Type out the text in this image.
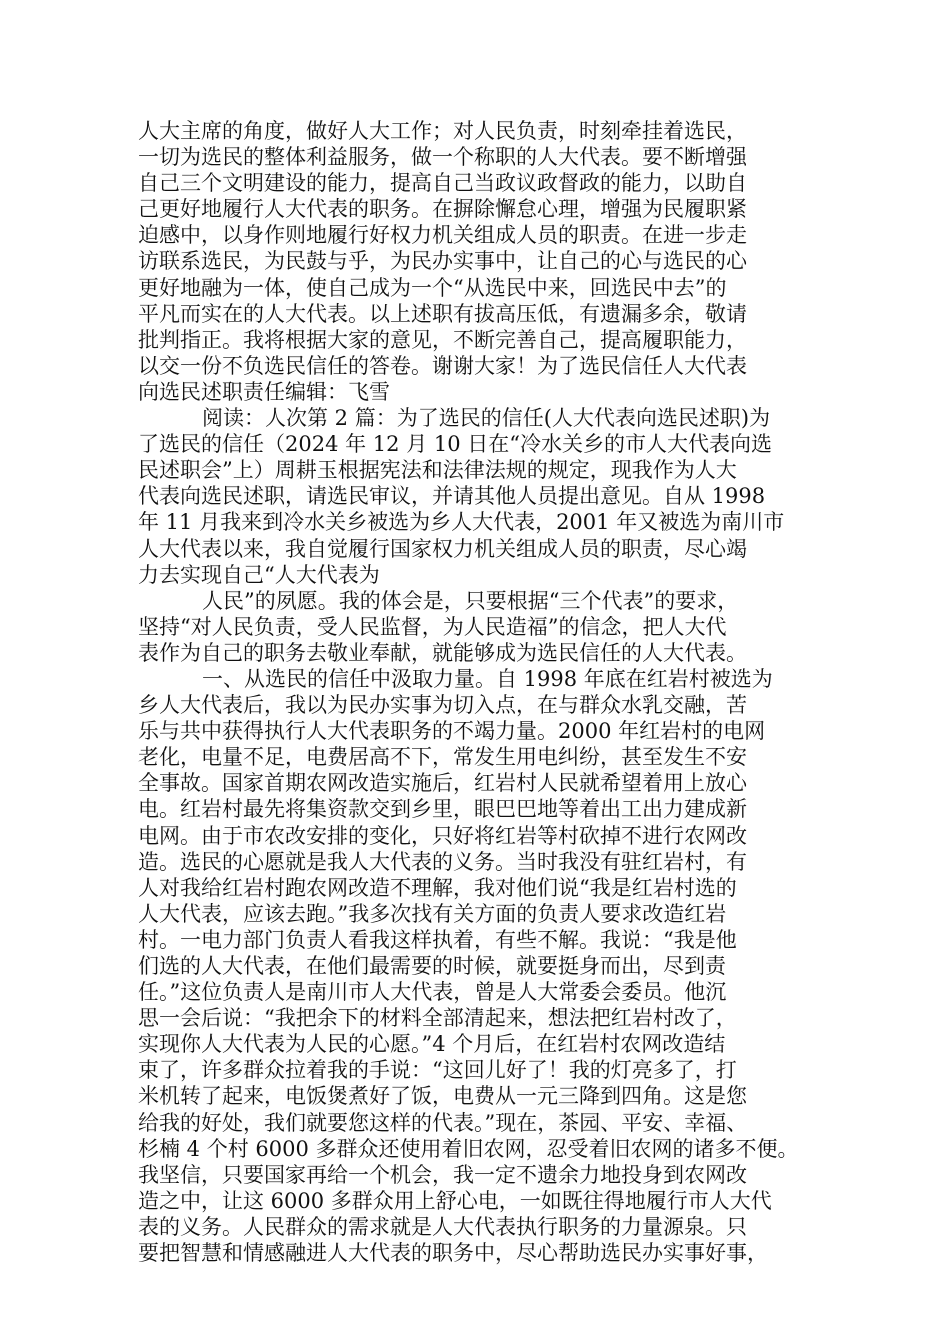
人大主席的角度，做好人大工作；对人民负责，时刻牵挂着选民，
一切为选民的整体利益服务，做一个称职的人大代表。要不断增强
自己三个文明建设的能力，提高自己当政议政督政的能力，以助自
己更好地履行人大代表的职务。在摒除懈怠心理，增强为民履职紧
迫感中，以身作则地履行好权力机关组成人员的职责。在进一步走
访联系选民，为民鼓与乎，为民办实事中，让自己的心与选民的心
更好地融为一体，使自己成为一个“从选民中来，回选民中去”的
平凡而实在的人大代表。以上述职有拔高压低，有遗漏多余，敬请
批判指正。我将根据大家的意见，不断完善自己，提高履职能力，
以交一份不负选民信任的答卷。谢谢大家！为了选民信任人大代表
向选民述职责任编辑：飞雪
阅读：人次第 2 篇：为了选民的信任(人大代表向选民述职)为
了选民的信任（2024 年 12 月 10 日在“冷水关乡的市人大代表向选
民述职会”上）周耕玉根据宪法和法律法规的规定，现我作为人大
代表向选民述职，请选民审议，并请其他人员提出意见。自从 1998
年 11 月我来到冷水关乡被选为乡人大代表，2001 年又被选为南川市
人大代表以来，我自觉履行国家权力机关组成人员的职责，尽心竭
力去实现自己“人大代表为
人民”的夙愿。我的体会是，只要根据“三个代表”的要求，
坚持“对人民负责，受人民监督，为人民造福”的信念，把人大代
表作为自己的职务去敬业奉献，就能够成为选民信任的人大代表。
一、从选民的信任中汲取力量。自 1998 年底在红岩村被选为
乡人大代表后，我以为民办实事为切入点，在与群众水乳交融，苦
乐与共中获得执行人大代表职务的不竭力量。2000 年红岩村的电网
老化，电量不足，电费居高不下，常发生用电纠纷，甚至发生不安
全事故。国家首期农网改造实施后，红岩村人民就希望着用上放心
电。红岩村最先将集资款交到乡里，眼巴巴地等着出工出力建成新
电网。由于市农改安排的变化，只好将红岩等村砍掉不进行农网改
造。选民的心愿就是我人大代表的义务。当时我没有驻红岩村，有
人对我给红岩村跑农网改造不理解，我对他们说“我是红岩村选的
人大代表，应该去跑。”我多次找有关方面的负责人要求改造红岩
村。一电力部门负责人看我这样执着，有些不解。我说：“我是他
们选的人大代表，在他们最需要的时候，就要挺身而出，尽到责
任。”这位负责人是南川市人大代表，曾是人大常委会委员。他沉
思一会后说：“我把余下的材料全部清起来，想法把红岩村改了，
实现你人大代表为人民的心愿。”4 个月后，在红岩村农网改造结
束了，许多群众拉着我的手说：“这回儿好了！我的灯亮多了，打
米机转了起来，电饭煲煮好了饭，电费从一元三降到四角。这是您
给我的好处，我们就要您这样的代表。”现在，茶园、平安、幸福、
杉楠 4 个村 6000 多群众还使用着旧农网，忍受着旧农网的诸多不便。
我坚信，只要国家再给一个机会，我一定不遗余力地投身到农网改
造之中，让这 6000 多群众用上舒心电，一如既往得地履行市人大代
表的义务。人民群众的需求就是人大代表执行职务的力量源泉。只
要把智慧和情感融进人大代表的职务中，尽心帮助选民办实事好事，
